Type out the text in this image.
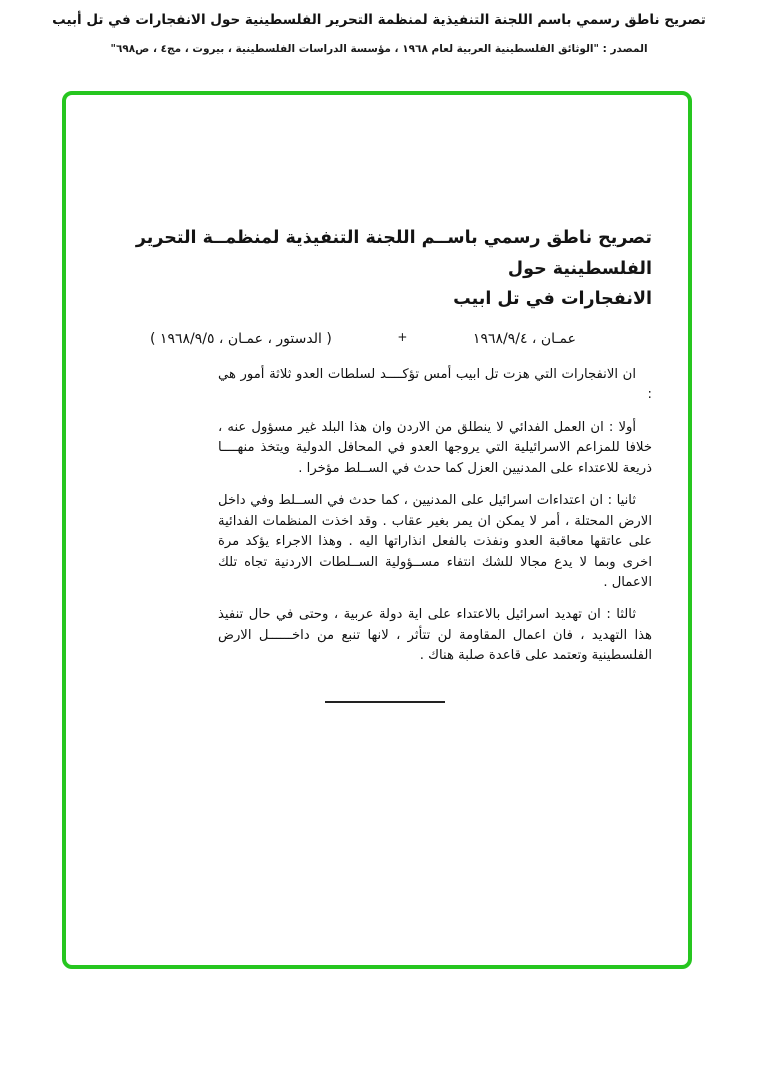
تصريح ناطق رسمي باسم اللجنة التنفيذية لمنظمة التحرير الفلسطينية حول الانفجارات في تل أبيب
المصدر : "الوثائق الفلسطينية العربية لعام ١٩٦٨ ، مؤسسة الدراسات الفلسطينية ، بيروت ، مج٤ ، ص٦٩٨"
تصريح ناطق رسمي باســم اللجنة التنفيذية لمنظمــة التحرير الفلسطينية حول
الانفجارات في تل ابيب
عمـان ، ١٩٦٨/٩/٤
+
( الدستور ، عمـان ، ١٩٦٨/٩/٥ )

ان الانفجارات التي هزت تل ابيب أمس تؤكــــد لسلطات العدو ثلاثة أمور هي :

أولا : ان العمل الفدائي لا ينطلق من الاردن وان هذا البلد غير مسؤول عنه ، خلافا للمزاعم الاسرائيلية التي يروجها العدو في المحافل الدولية ويتخذ منهــــا ذريعة للاعتداء على المدنيين العزل كما حدث في الســلط مؤخرا .

ثانيا : ان اعتداءات اسرائيل على المدنيين ، كما حدث في الســلط وفي داخل الارض المحتلة ، أمر لا يمكن ان يمر بغير عقاب . وقد اخذت المنظمات الفدائية على عاتقها معاقبة العدو ونفذت بالفعل انذاراتها اليه . وهذا الاجراء يؤكد مرة اخرى وبما لا يدع مجالا للشك انتفاء مســؤولية الســلطات الاردنية تجاه تلك الاعمال .

ثالثا : ان تهديد اسرائيل بالاعتداء على اية دولة عربية ، وحتى في حال تنفيذ هذا التهديد ، فان اعمال المقاومة لن تتأثر ، لانها تنبع من داخــــــل الارض الفلسطينية وتعتمد على قاعدة صلبة هناك .
